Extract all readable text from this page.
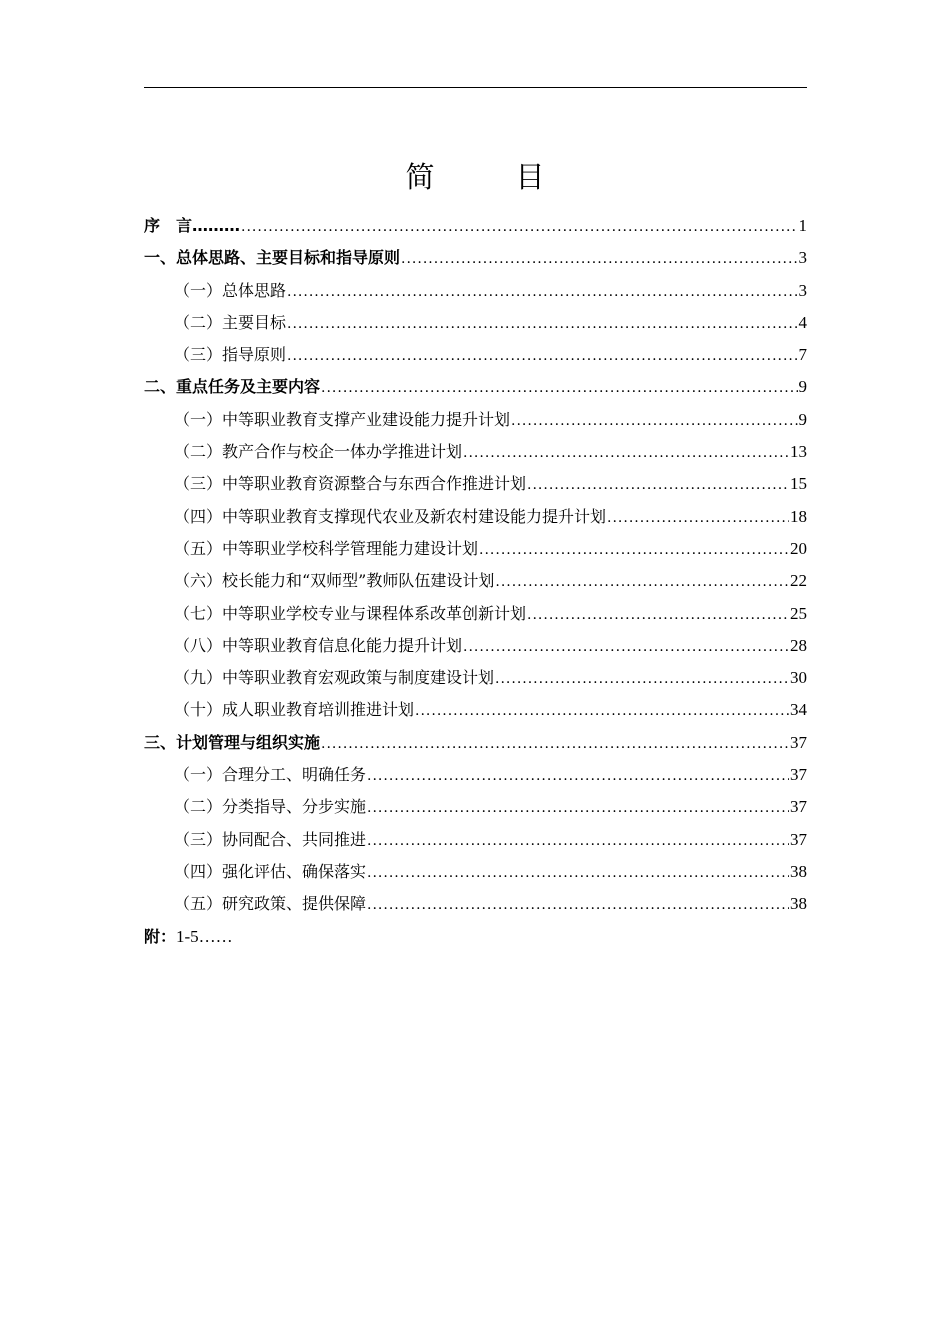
简　目
序　言……… .....	1
一、总体思路、主要目标和指导原则 .....	3
（一）总体思路 .....	3
（二）主要目标 .....	4
（三）指导原则 .....	7
二、重点任务及主要内容 .....	9
（一）中等职业教育支撑产业建设能力提升计划 .....	9
（二）教产合作与校企一体办学推进计划 .....	13
（三）中等职业教育资源整合与东西合作推进计划 .....	15
（四）中等职业教育支撑现代农业及新农村建设能力提升计划 .....	18
（五）中等职业学校科学管理能力建设计划 .....	20
（六）校长能力和“双师型”教师队伍建设计划 .....	22
（七）中等职业学校专业与课程体系改革创新计划 .....	25
（八）中等职业教育信息化能力提升计划 .....	28
（九）中等职业教育宏观政策与制度建设计划 .....	30
（十）成人职业教育培训推进计划 .....	34
三、计划管理与组织实施 .....	37
（一）合理分工、明确任务 .....	37
（二）分类指导、分步实施 .....	37
（三）协同配合、共同推进 .....	37
（四）强化评估、确保落实 .....	38
（五）研究政策、提供保障 .....	38
附：1-5……
